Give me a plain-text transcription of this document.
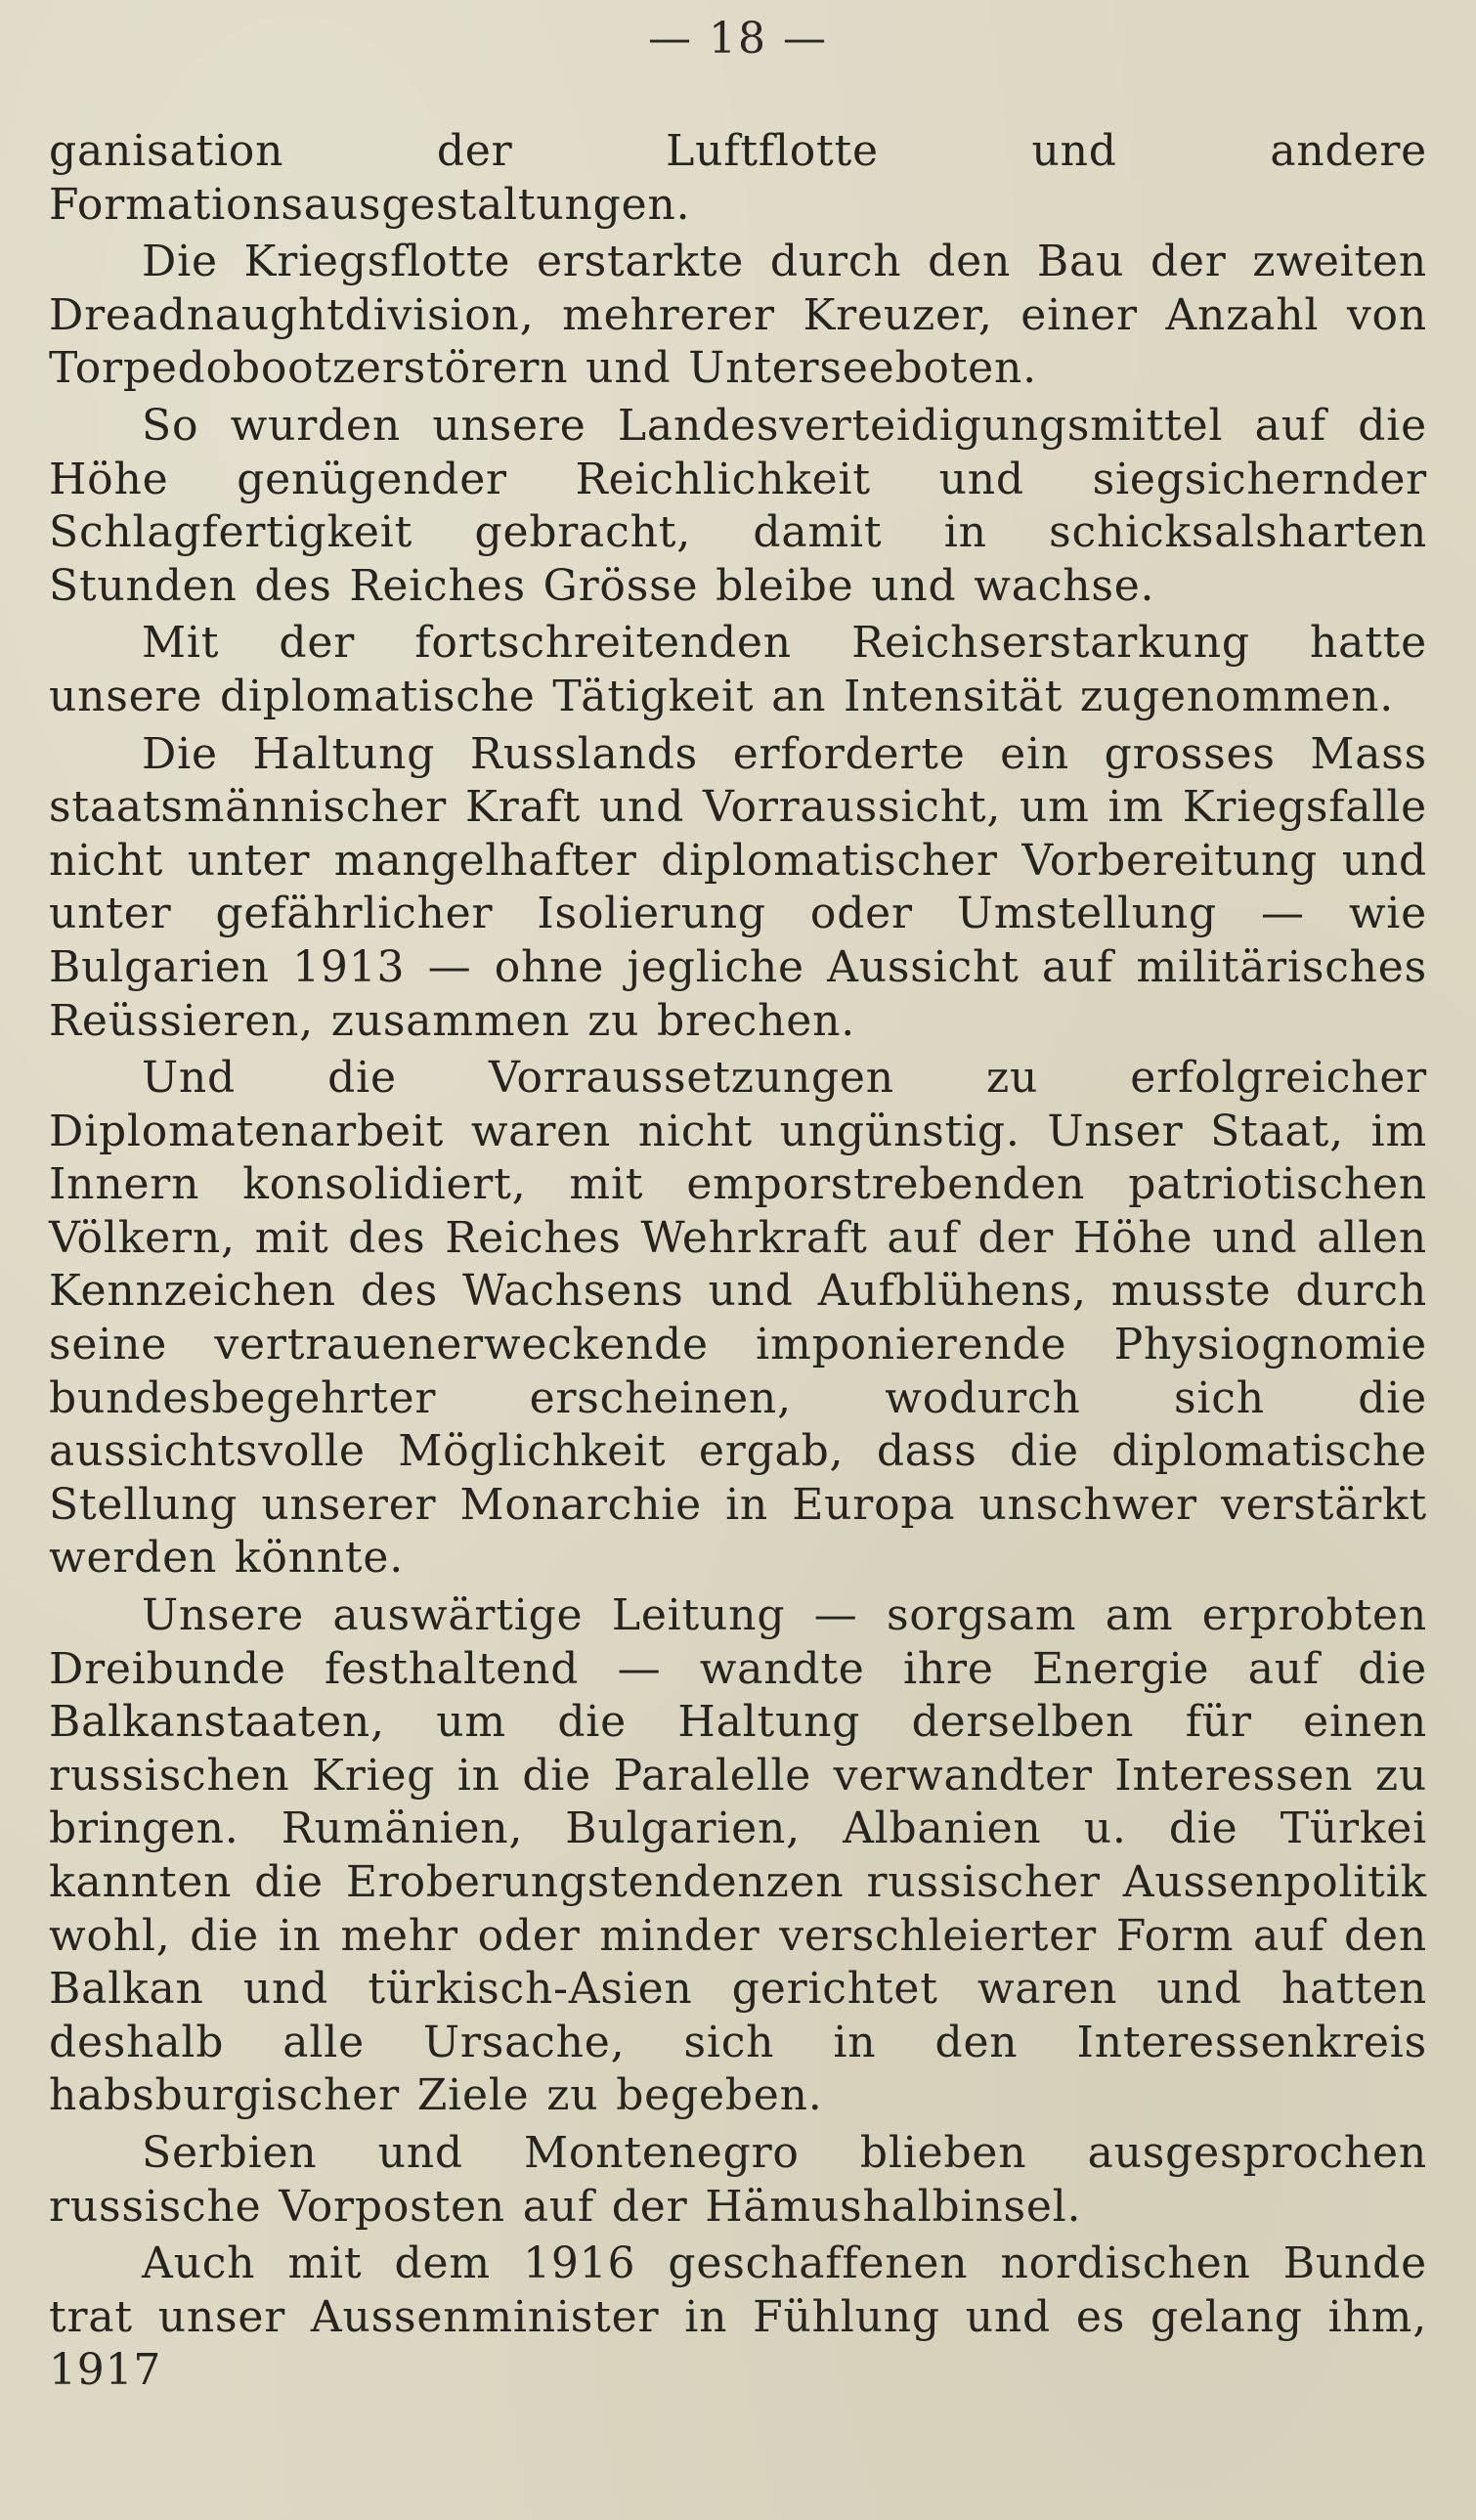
— 18 —

ganisation der Luftflotte und andere Formationsausgestaltungen.

Die Kriegsflotte erstarkte durch den Bau der zweiten Dreadnaughtdivision, mehrerer Kreuzer, einer Anzahl von Torpedobootzerstörern und Unterseeboten.

So wurden unsere Landesverteidigungsmittel auf die Höhe genügender Reichlichkeit und siegsichernder Schlagfertigkeit gebracht, damit in schicksalsharten Stunden des Reiches Grösse bleibe und wachse.

Mit der fortschreitenden Reichserstarkung hatte unsere diplomatische Tätigkeit an Intensität zugenommen.

Die Haltung Russlands erforderte ein grosses Mass staatsmännischer Kraft und Vorraussicht, um im Kriegsfalle nicht unter mangelhafter diplomatischer Vorbereitung und unter gefährlicher Isolierung oder Umstellung — wie Bulgarien 1913 — ohne jegliche Aussicht auf militärisches Reüssieren, zusammen zu brechen.

Und die Vorraussetzungen zu erfolgreicher Diplomatenarbeit waren nicht ungünstig. Unser Staat, im Innern konsolidiert, mit emporstrebenden patriotischen Völkern, mit des Reiches Wehrkraft auf der Höhe und allen Kennzeichen des Wachsens und Aufblühens, musste durch seine vertrauenerweckende imponierende Physiognomie bundesbegehrter erscheinen, wodurch sich die aussichtsvolle Möglichkeit ergab, dass die diplomatische Stellung unserer Monarchie in Europa unschwer verstärkt werden könnte.

Unsere auswärtige Leitung — sorgsam am erprobten Dreibunde festhaltend — wandte ihre Energie auf die Balkanstaaten, um die Haltung derselben für einen russischen Krieg in die Paralelle verwandter Interessen zu bringen. Rumänien, Bulgarien, Albanien u. die Türkei kannten die Eroberungstendenzen russischer Aussenpolitik wohl, die in mehr oder minder verschleierter Form auf den Balkan und türkisch-Asien gerichtet waren und hatten deshalb alle Ursache, sich in den Interessenkreis habsburgischer Ziele zu begeben.

Serbien und Montenegro blieben ausgesprochen russische Vorposten auf der Hämushalbinsel.

Auch mit dem 1916 geschaffenen nordischen Bunde trat unser Aussenminister in Fühlung und es gelang ihm, 1917
